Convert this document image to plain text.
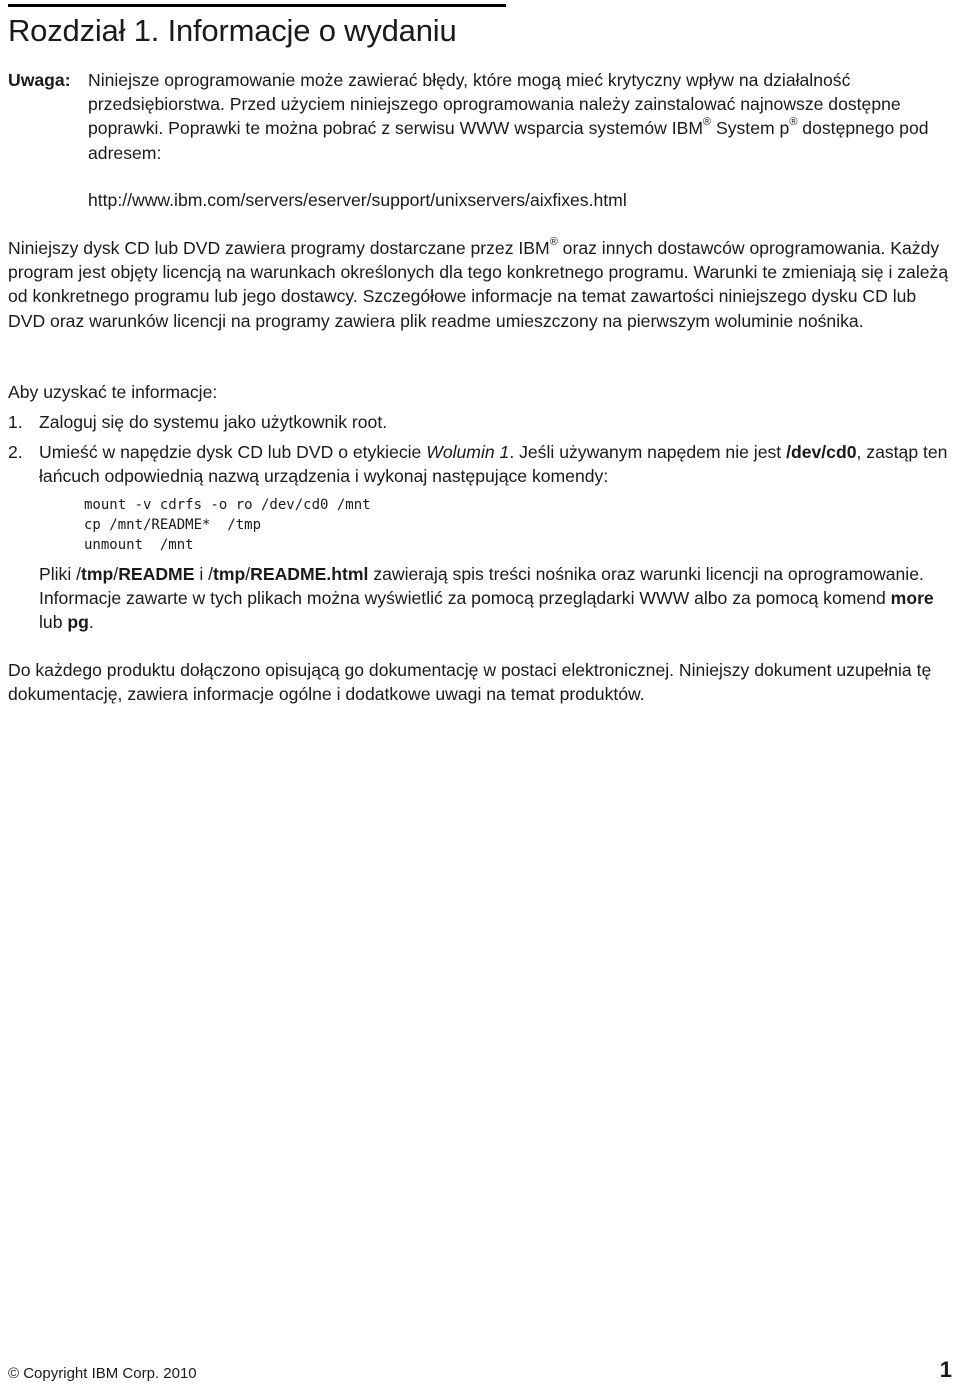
Rozdział 1. Informacje o wydaniu
Uwaga: Niniejsze oprogramowanie może zawierać błędy, które mogą mieć krytyczny wpływ na działalność przedsiębiorstwa. Przed użyciem niniejszego oprogramowania należy zainstalować najnowsze dostępne poprawki. Poprawki te można pobrać z serwisu WWW wsparcia systemów IBM® System p® dostępnego pod adresem:
http://www.ibm.com/servers/eserver/support/unixservers/aixfixes.html
Niniejszy dysk CD lub DVD zawiera programy dostarczane przez IBM® oraz innych dostawców oprogramowania. Każdy program jest objęty licencją na warunkach określonych dla tego konkretnego programu. Warunki te zmieniają się i zależą od konkretnego programu lub jego dostawcy. Szczegółowe informacje na temat zawartości niniejszego dysku CD lub DVD oraz warunków licencji na programy zawiera plik readme umieszczony na pierwszym woluminie nośnika.
Aby uzyskać te informacje:
1. Zaloguj się do systemu jako użytkownik root.
2. Umieść w napędzie dysk CD lub DVD o etykiecie Wolumin 1. Jeśli używanym napędem nie jest /dev/cd0, zastąp ten łańcuch odpowiednią nazwą urządzenia i wykonaj następujące komendy:
mount -v cdrfs -o ro /dev/cd0 /mnt
cp /mnt/README*  /tmp
unmount  /mnt
Pliki /tmp/README i /tmp/README.html zawierają spis treści nośnika oraz warunki licencji na oprogramowanie. Informacje zawarte w tych plikach można wyświetlić za pomocą przeglądarki WWW albo za pomocą komend more lub pg.
Do każdego produktu dołączono opisującą go dokumentację w postaci elektronicznej. Niniejszy dokument uzupełnia tę dokumentację, zawiera informacje ogólne i dodatkowe uwagi na temat produktów.
© Copyright IBM Corp. 2010	1
